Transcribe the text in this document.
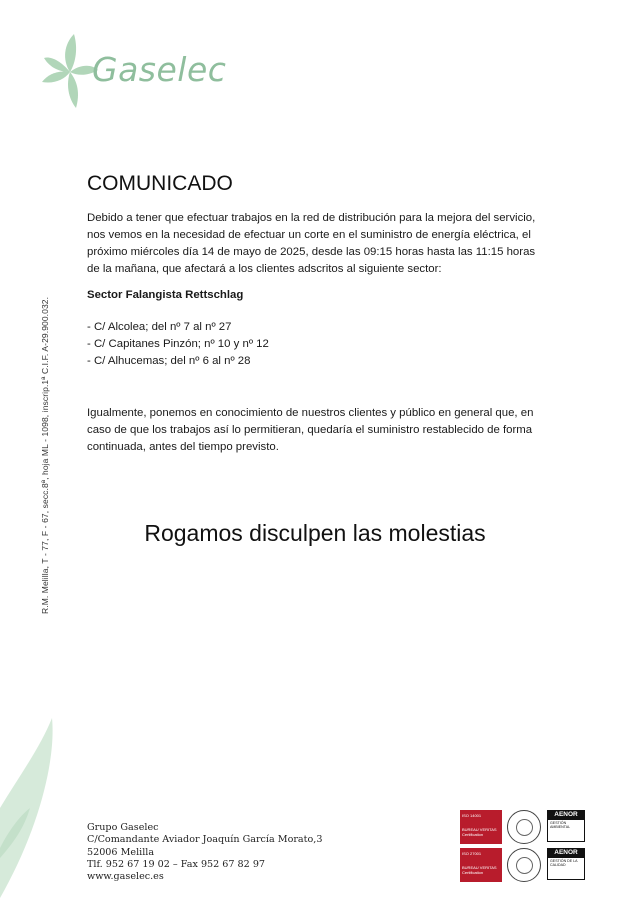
Gaselec
R.M. Melilla, T - 77, F - 67, secc.8ª, hoja ML - 1098, inscrip.1ª C.I.F. A-29.900.032.
COMUNICADO

Debido a tener que efectuar trabajos en la red de distribución para la mejora del servicio, nos vemos en la necesidad de efectuar un corte en el suministro de energía eléctrica, el próximo miércoles día 14 de mayo de 2025, desde las 09:15 horas hasta las 11:15 horas de la mañana, que afectará a los clientes adscritos al siguiente sector:

Sector Falangista Rettschlag
- C/ Alcolea; del nº 7 al nº 27
- C/ Capitanes Pinzón; nº 10 y nº 12
- C/ Alhucemas; del nº 6 al nº 28

Igualmente, ponemos en conocimiento de nuestros clientes y público en general que, en caso de que los trabajos así lo permitieran, quedaría el suministro restablecido de forma continuada, antes del tiempo previsto.

Rogamos disculpen las molestias
Grupo Gaselec
C/Comandante Aviador Joaquín García Morato,3
52006 Melilla
Tlf. 952 67 19 02 – Fax 952 67 82 97
www.gaselec.es
ISO 14001
BUREAU VERITAS
Certification
AENOR
GESTIÓN AMBIENTAL
ISO 27001
BUREAU VERITAS
Certification
AENOR
GESTIÓN DE LA CALIDAD
